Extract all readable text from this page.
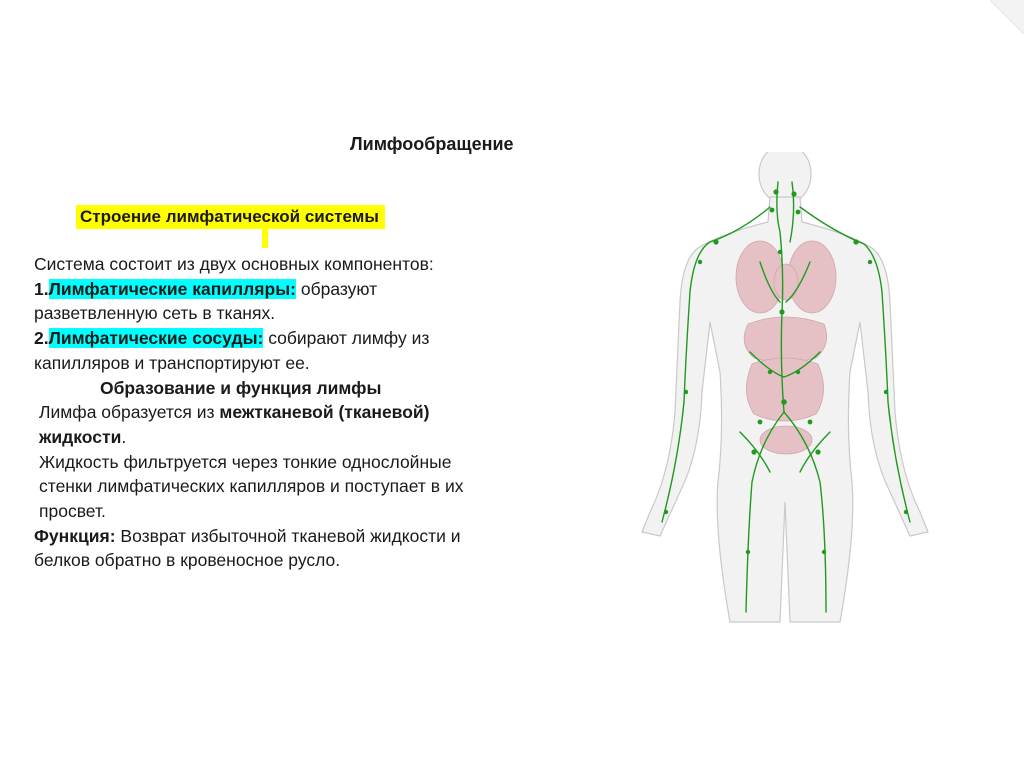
Лимфообращение
Строение лимфатической системы

Система состоит из двух основных компонентов:

1.Лимфатические капилляры: образуют разветвленную сеть в тканях.

2.Лимфатические сосуды: собирают лимфу из капилляров и транспортируют ее.

Образование и функция лимфы

Лимфа образуется из межтканевой (тканевой) жидкости.

Жидкость фильтруется через тонкие однослойные стенки лимфатических капилляров и поступает в их просвет.

Функция: Возврат избыточной тканевой жидкости и белков обратно в кровеносное русло.
